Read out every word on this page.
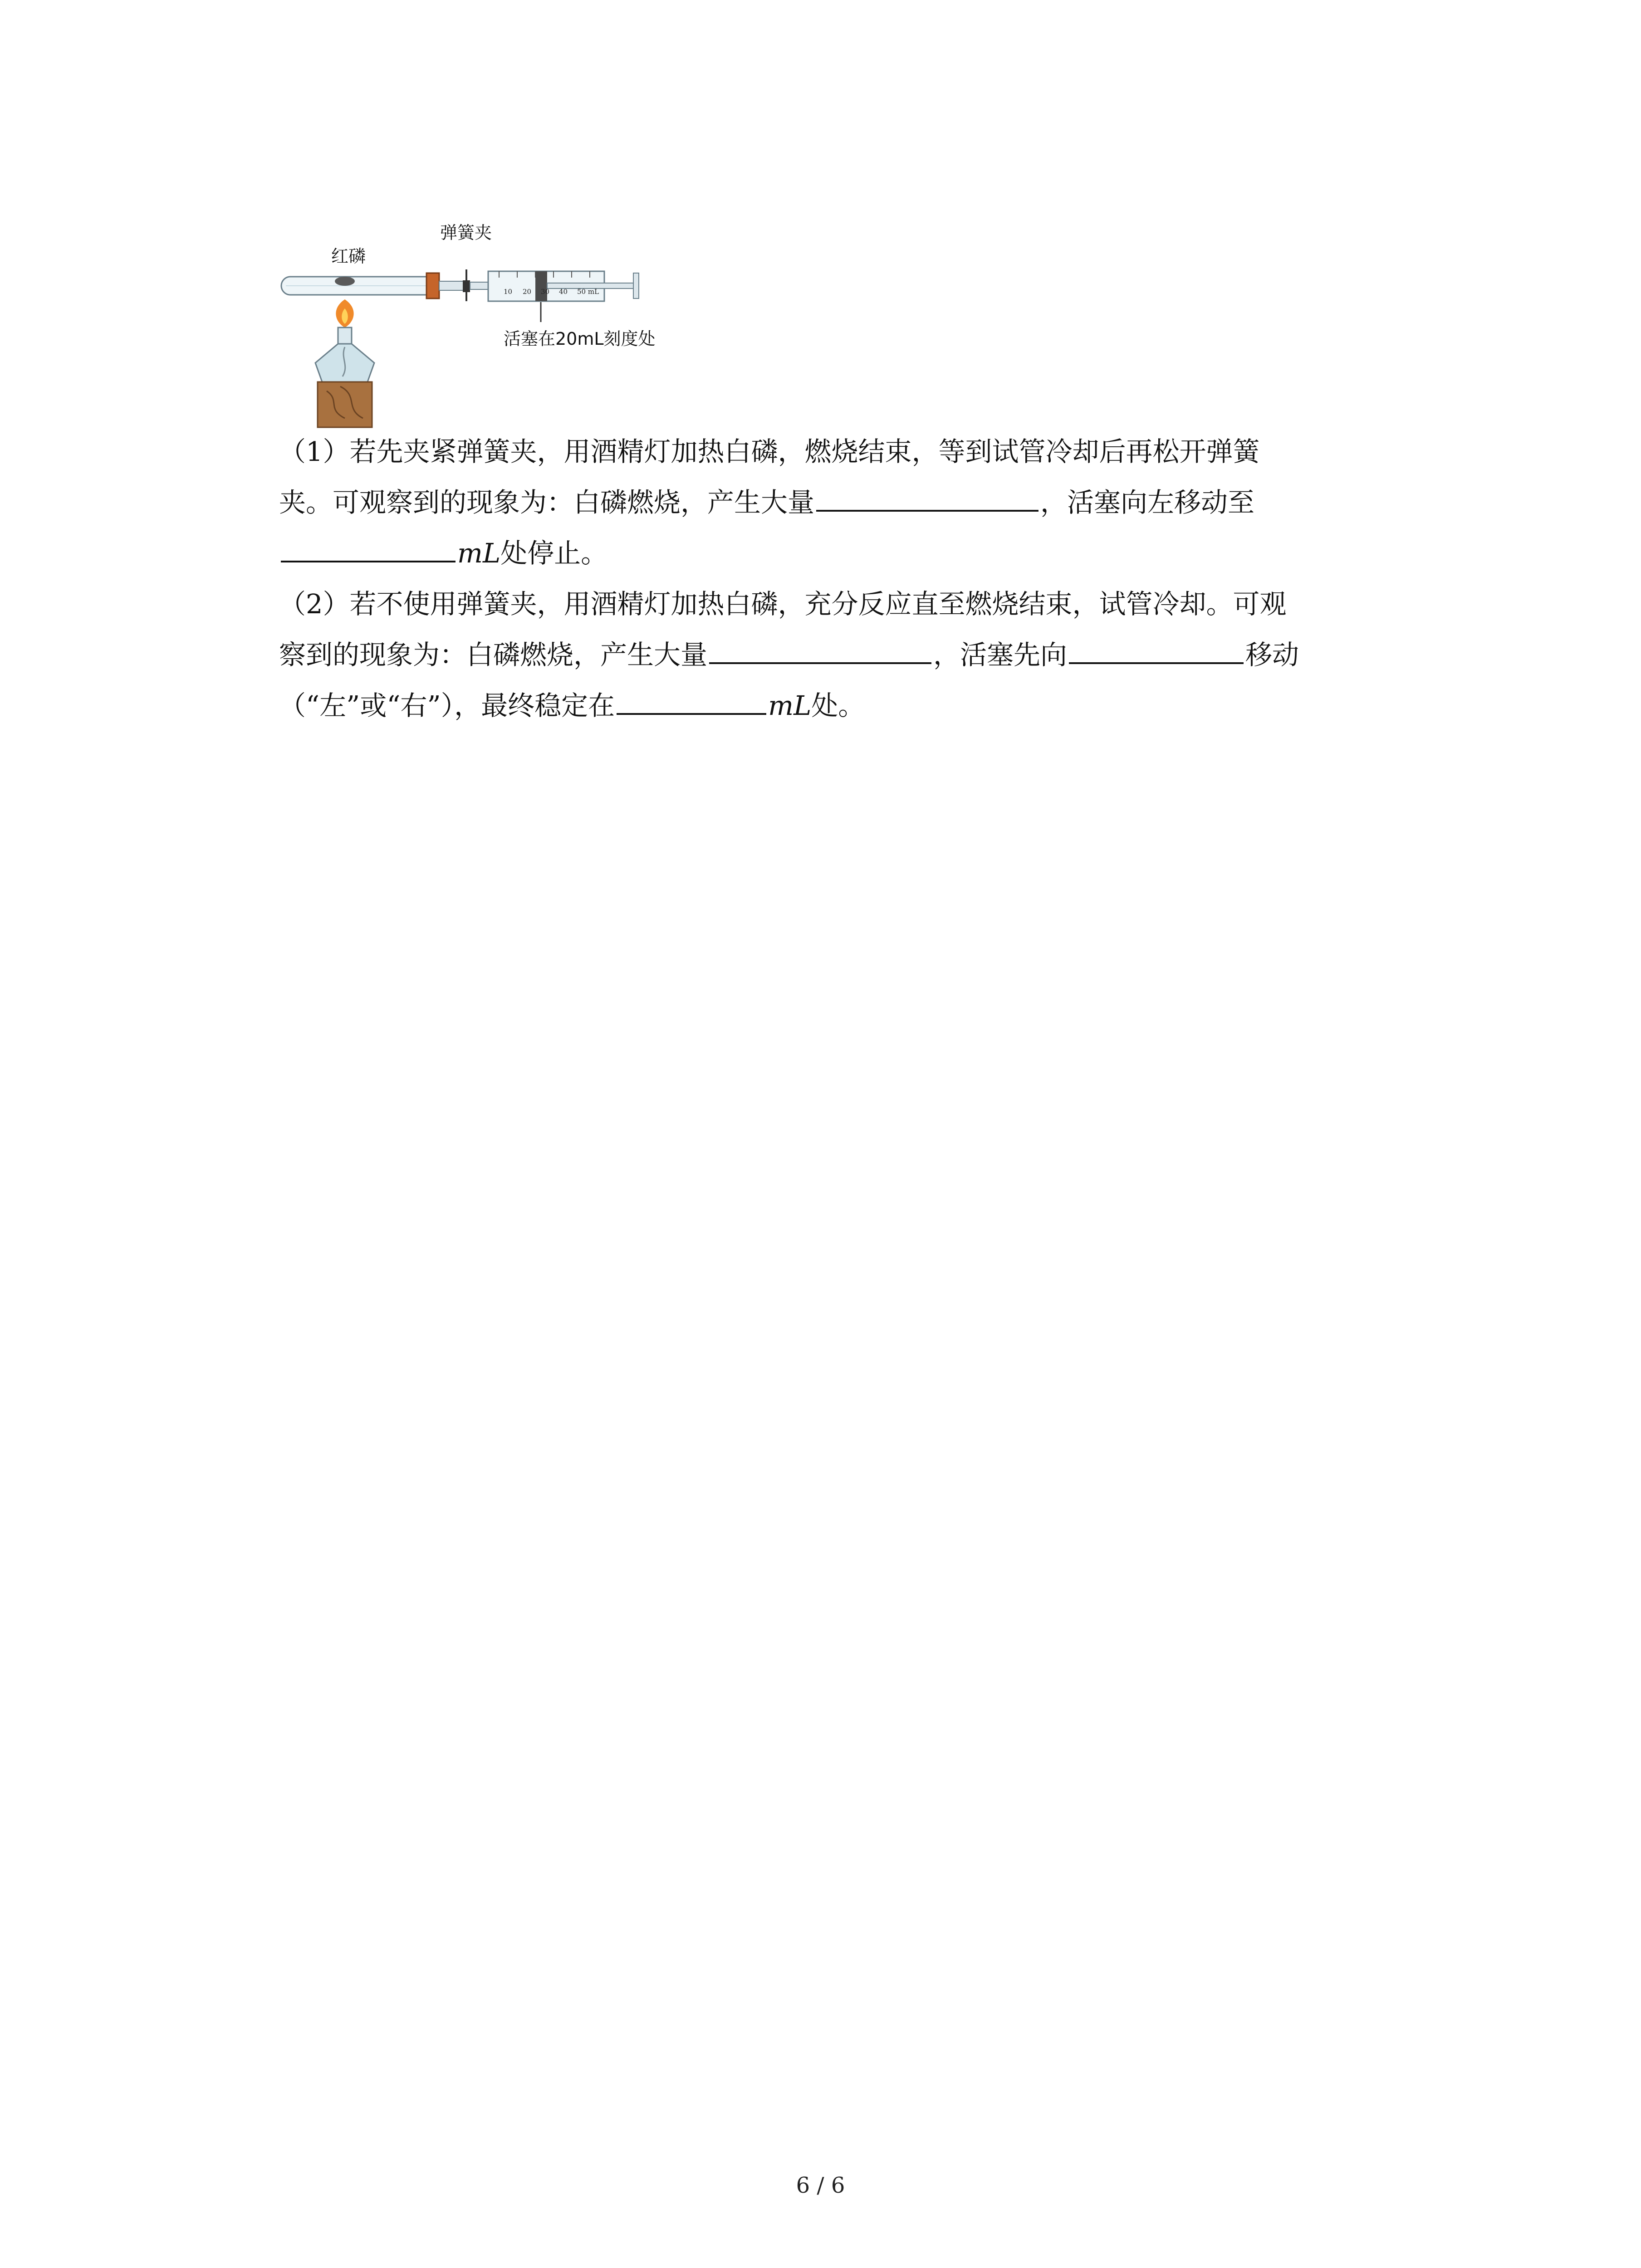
10 20 30 40 50 mL
红磷
弹簧夹
活塞在20mL刻度处
（1）若先夹紧弹簧夹，用酒精灯加热白磷，燃烧结束，等到试管冷却后再松开弹簧
夹。可观察到的现象为：白磷燃烧，产生大量	，活塞向左移动至
mL处停止。
（2）若不使用弹簧夹，用酒精灯加热白磷，充分反应直至燃烧结束，试管冷却。可观
察到的现象为：白磷燃烧，产生大量	，活塞先向	移动
（“左”或“右”），最终稳定在	mL处。
6 / 6
